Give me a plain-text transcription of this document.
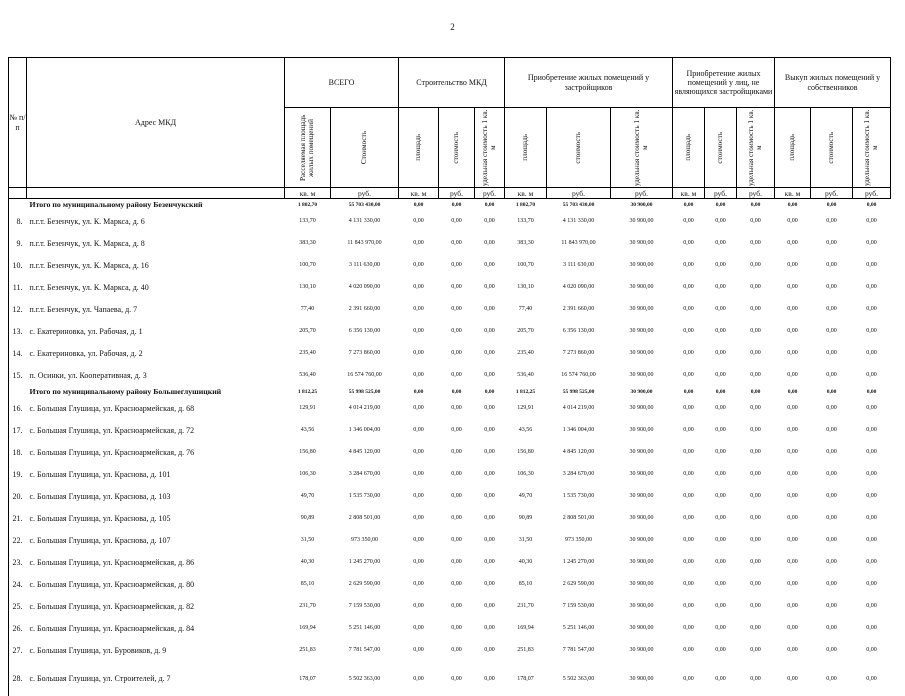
2
№ п/п	Адрес МКД	ВСЕГО		Строительство МКД			Приобретение жилых помещений у застройщиков			Приобретение жилых помещений у лиц, не являющихся застройщиками			Выкуп жилых помещений у собственников		

		Расселяемая площадь жилых помещений	Стоимость	площадь	стоимость	удельная стоимость 1 кв. м	площадь	стоимость	удельная стоимость 1 кв. м	площадь	стоимость	удельная стоимость 1 кв. м	площадь	стоимость	удельная стоимость 1 кв. м

		кв. м	руб.	кв. м	руб.	руб.	кв. м	руб.	руб.	кв. м	руб.	руб.	кв. м	руб.	руб.
	Итого по муниципальному району Безенчукский	1 802,70	55 703 430,00	0,00	0,00	0,00	1 802,70	55 703 430,00	30 900,00	0,00	0,00	0,00	0,00	0,00	0,00
8.	п.г.т. Безенчук, ул. К. Маркса, д. 6	133,70	4 131 330,00	0,00	0,00	0,00	133,70	4 131 330,00	30 900,00	0,00	0,00	0,00	0,00	0,00	0,00
9.	п.г.т. Безенчук, ул. К. Маркса, д. 8	383,30	11 843 970,00	0,00	0,00	0,00	383,30	11 843 970,00	30 900,00	0,00	0,00	0,00	0,00	0,00	0,00
10.	п.г.т. Безенчук, ул. К. Маркса, д. 16	100,70	3 111 630,00	0,00	0,00	0,00	100,70	3 111 630,00	30 900,00	0,00	0,00	0,00	0,00	0,00	0,00
11.	п.г.т. Безенчук, ул. К. Маркса, д. 40	130,10	4 020 090,00	0,00	0,00	0,00	130,10	4 020 090,00	30 900,00	0,00	0,00	0,00	0,00	0,00	0,00
12.	п.г.т. Безенчук, ул. Чапаева, д. 7	77,40	2 391 660,00	0,00	0,00	0,00	77,40	2 391 660,00	30 900,00	0,00	0,00	0,00	0,00	0,00	0,00
13.	с. Екатериновка, ул. Рабочая, д. 1	205,70	6 356 130,00	0,00	0,00	0,00	205,70	6 356 130,00	30 900,00	0,00	0,00	0,00	0,00	0,00	0,00
14.	с. Екатериновка, ул. Рабочая, д. 2	235,40	7 273 860,00	0,00	0,00	0,00	235,40	7 273 860,00	30 900,00	0,00	0,00	0,00	0,00	0,00	0,00
15.	п. Осинки, ул. Кооперативная, д. 3	536,40	16 574 760,00	0,00	0,00	0,00	536,40	16 574 760,00	30 900,00	0,00	0,00	0,00	0,00	0,00	0,00
	Итого по муниципальному району Большеглушицкий	1 812,25	55 998 525,00	0,00	0,00	0,00	1 812,25	55 998 525,00	30 900,00	0,00	0,00	0,00	0,00	0,00	0,00
16.	с. Большая Глушица, ул. Красноармейская, д. 68	129,91	4 014 219,00	0,00	0,00	0,00	129,91	4 014 219,00	30 900,00	0,00	0,00	0,00	0,00	0,00	0,00
17.	с. Большая Глушица, ул. Красноармейская, д. 72	43,56	1 346 004,00	0,00	0,00	0,00	43,56	1 346 004,00	30 900,00	0,00	0,00	0,00	0,00	0,00	0,00
18.	с. Большая Глушица, ул. Красноармейская, д. 76	156,80	4 845 120,00	0,00	0,00	0,00	156,80	4 845 120,00	30 900,00	0,00	0,00	0,00	0,00	0,00	0,00
19.	с. Большая Глушица, ул. Краснова, д. 101	106,30	3 284 670,00	0,00	0,00	0,00	106,30	3 284 670,00	30 900,00	0,00	0,00	0,00	0,00	0,00	0,00
20.	с. Большая Глушица, ул. Краснова, д. 103	49,70	1 535 730,00	0,00	0,00	0,00	49,70	1 535 730,00	30 900,00	0,00	0,00	0,00	0,00	0,00	0,00
21.	с. Большая Глушица, ул. Краснова, д. 105	90,89	2 808 501,00	0,00	0,00	0,00	90,89	2 808 501,00	30 900,00	0,00	0,00	0,00	0,00	0,00	0,00
22.	с. Большая Глушица, ул. Краснова, д. 107	31,50	973 350,00	0,00	0,00	0,00	31,50	973 350,00	30 900,00	0,00	0,00	0,00	0,00	0,00	0,00
23.	с. Большая Глушица, ул. Красноармейская, д. 86	40,30	1 245 270,00	0,00	0,00	0,00	40,30	1 245 270,00	30 900,00	0,00	0,00	0,00	0,00	0,00	0,00
24.	с. Большая Глушица, ул. Красноармейская, д. 80	85,10	2 629 590,00	0,00	0,00	0,00	85,10	2 629 590,00	30 900,00	0,00	0,00	0,00	0,00	0,00	0,00
25.	с. Большая Глушица, ул. Красноармейская, д. 82	231,70	7 159 530,00	0,00	0,00	0,00	231,70	7 159 530,00	30 900,00	0,00	0,00	0,00	0,00	0,00	0,00
26.	с. Большая Глушица, ул. Красноармейская, д. 84	169,94	5 251 146,00	0,00	0,00	0,00	169,94	5 251 146,00	30 900,00	0,00	0,00	0,00	0,00	0,00	0,00
27.	с. Большая Глушица, ул. Буровиков, д. 9	251,83	7 781 547,00	0,00	0,00	0,00	251,83	7 781 547,00	30 900,00	0,00	0,00	0,00	0,00	0,00	0,00
28.	с. Большая Глушица, ул. Строителей, д. 7	178,07	5 502 363,00	0,00	0,00	0,00	178,07	5 502 363,00	30 900,00	0,00	0,00	0,00	0,00	0,00	0,00
